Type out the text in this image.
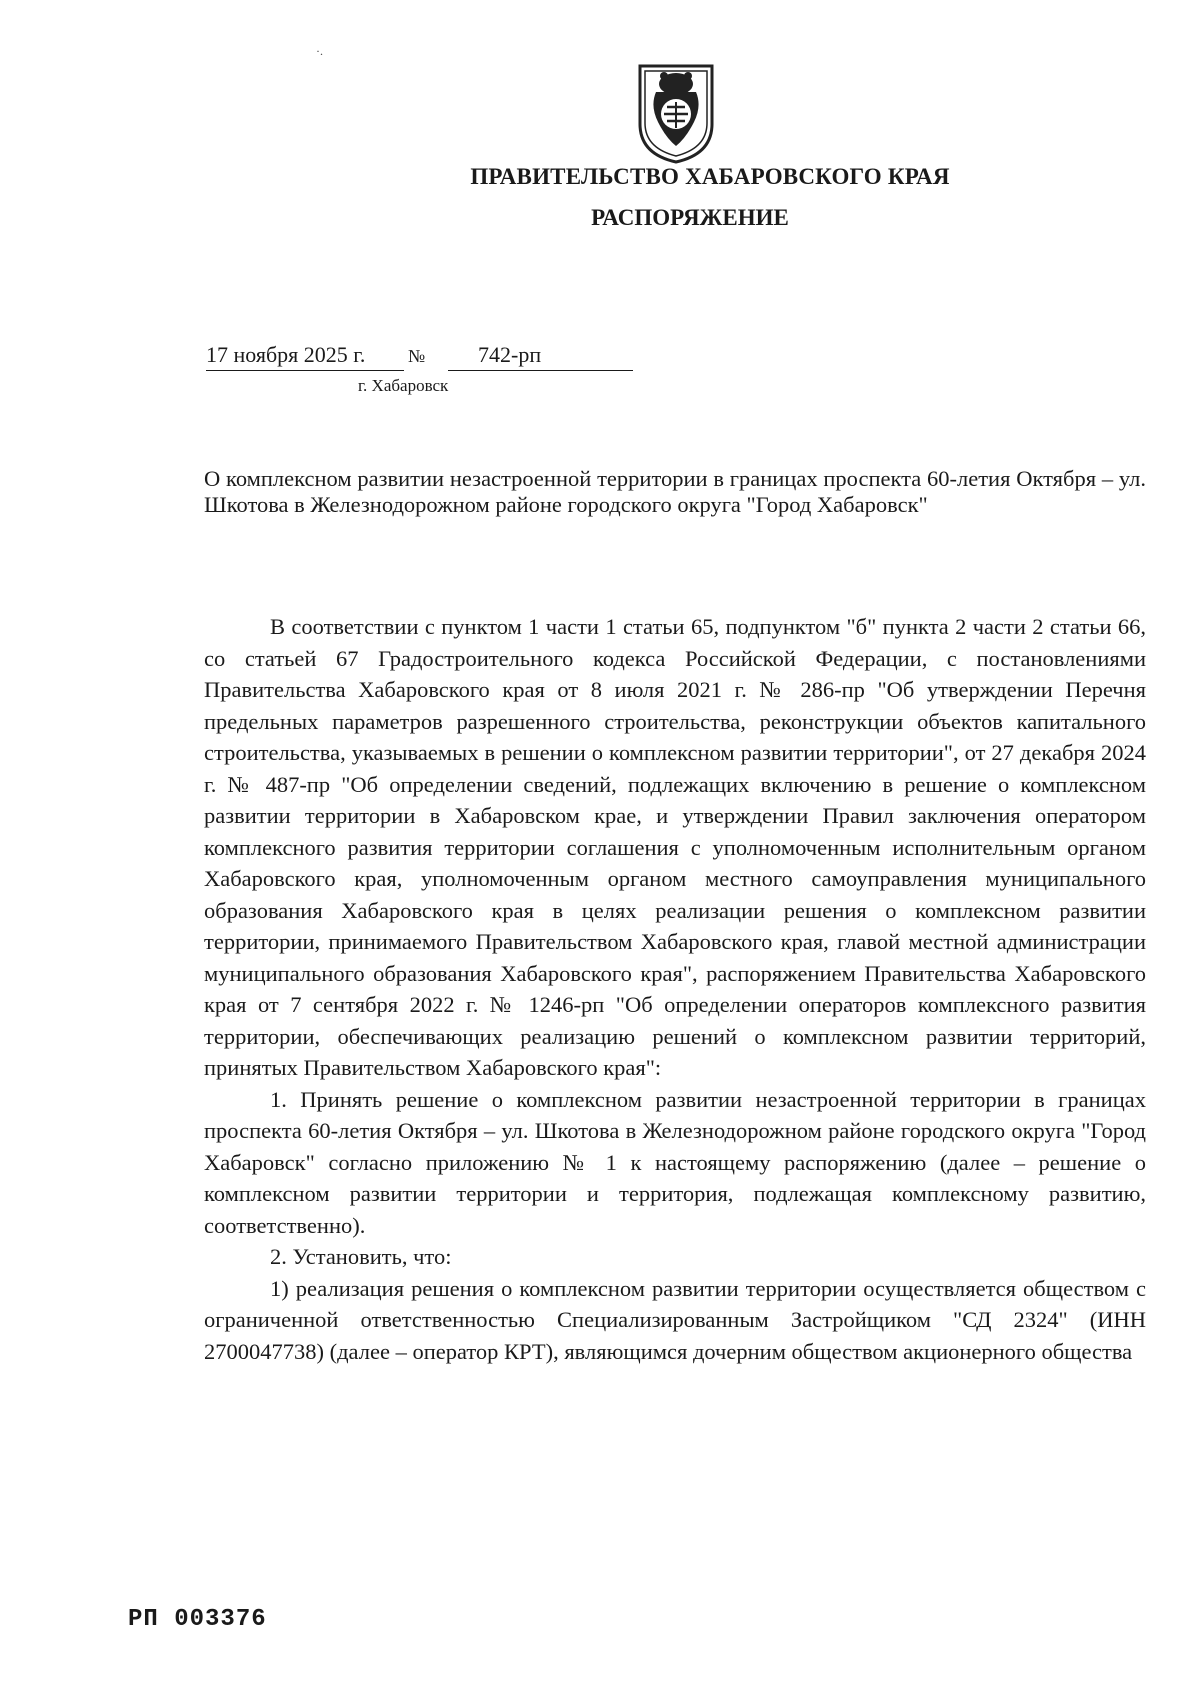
·.
ПРАВИТЕЛЬСТВО ХАБАРОВСКОГО КРАЯ
РАСПОРЯЖЕНИЕ
17 ноября 2025 г. № 742-рп
г. Хабаровск
О комплексном развитии незастроенной территории в границах проспекта 60-летия Октября – ул. Шкотова в Железнодорожном районе городского округа "Город Хабаровск"

В соответствии с пунктом 1 части 1 статьи 65, подпунктом "б" пункта 2 части 2 статьи 66, со статьей 67 Градостроительного кодекса Российской Федерации, с постановлениями Правительства Хабаровского края от 8 июля 2021 г. № 286-пр "Об утверждении Перечня предельных параметров разрешенного строительства, реконструкции объектов капитального строительства, указываемых в решении о комплексном развитии территории", от 27 декабря 2024 г. № 487-пр "Об определении сведений, подлежащих включению в решение о комплексном развитии территории в Хабаровском крае, и утверждении Правил заключения оператором комплексного развития территории соглашения с уполномоченным исполнительным органом Хабаровского края, уполномоченным органом местного самоуправления муниципального образования Хабаровского края в целях реализации решения о комплексном развитии территории, принимаемого Правительством Хабаровского края, главой местной администрации муниципального образования Хабаровского края", распоряжением Правительства Хабаровского края от 7 сентября 2022 г. № 1246-рп "Об определении операторов комплексного развития территории, обеспечивающих реализацию решений о комплексном развитии территорий, принятых Правительством Хабаровского края":

1. Принять решение о комплексном развитии незастроенной территории в границах проспекта 60-летия Октября – ул. Шкотова в Железнодорожном районе городского округа "Город Хабаровск" согласно приложению № 1 к настоящему распоряжению (далее – решение о комплексном развитии территории и территория, подлежащая комплексному развитию, соответственно).

2. Установить, что:

1) реализация решения о комплексном развитии территории осуществляется обществом с ограниченной ответственностью Специализированным Застройщиком "СД 2324" (ИНН 2700047738) (далее – оператор КРТ), являющимся дочерним обществом акционерного общества

РП 003376
